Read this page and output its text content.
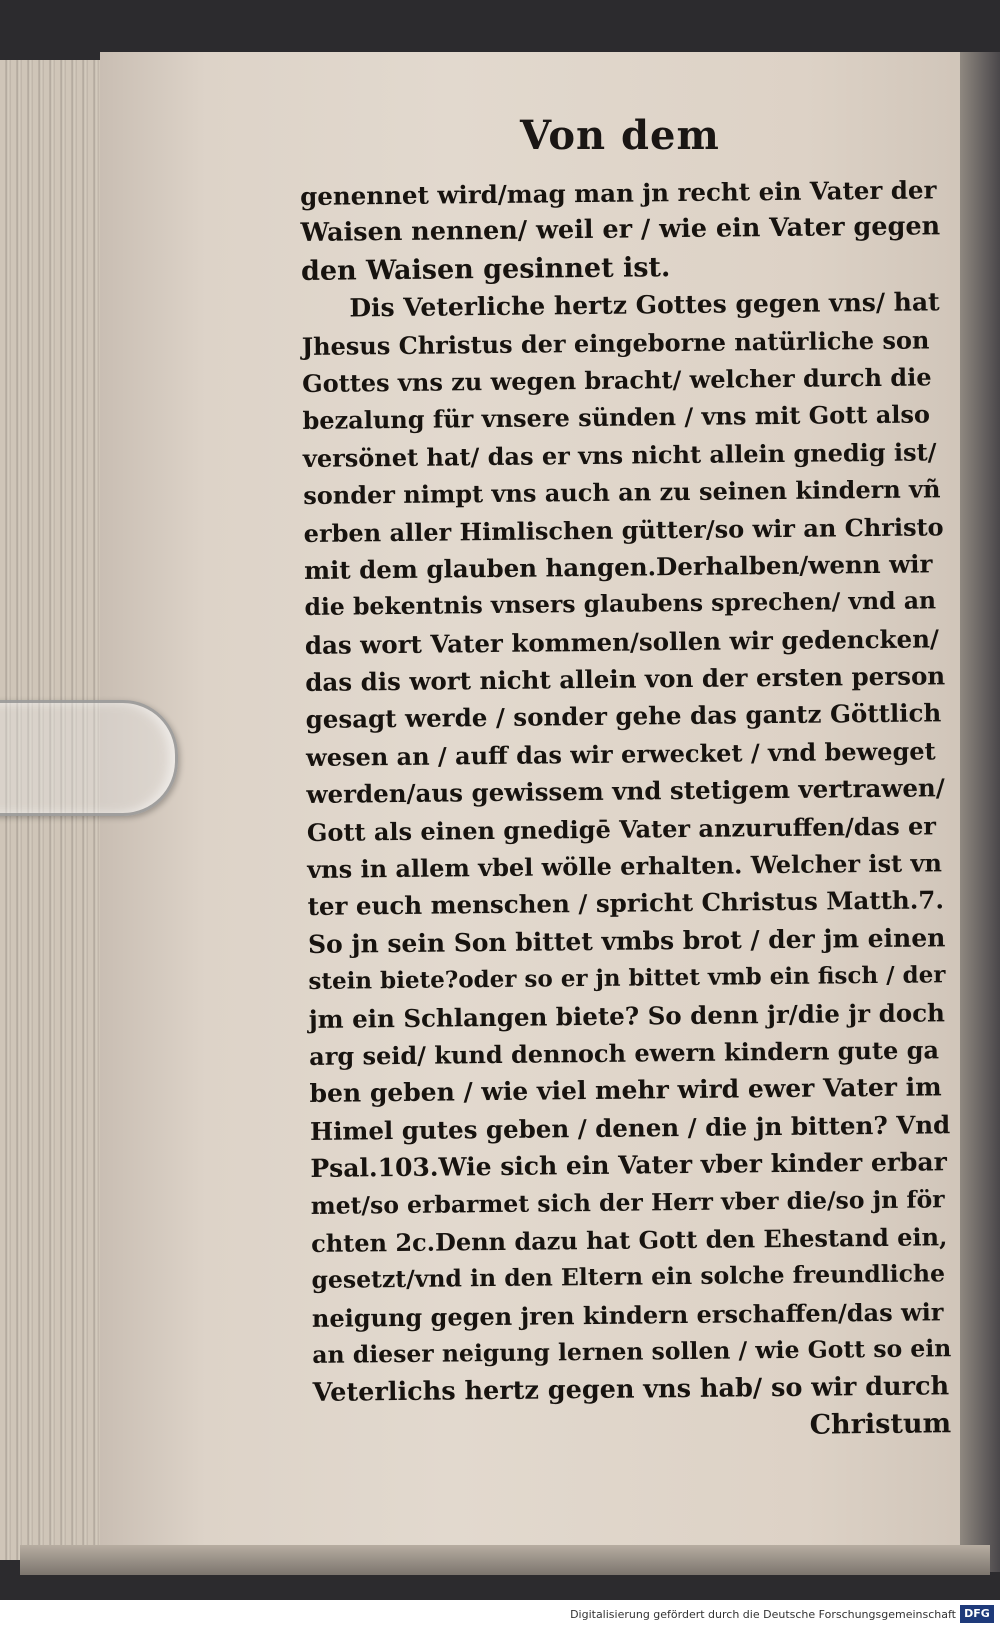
Von dem
genennet wird/mag man jn recht ein Vater der
Waisen nennen/ weil er / wie ein Vater gegen
den Waisen gesinnet ist.
Dis Veterliche hertz Gottes gegen vns/ hat
Jhesus Christus der eingeborne natürliche son
Gottes vns zu wegen bracht/ welcher durch die
bezalung für vnsere sünden / vns mit Gott also
versönet hat/ das er vns nicht allein gnedig ist/
sonder nimpt vns auch an zu seinen kindern vñ
erben aller Himlischen gütter/so wir an Christo
mit dem glauben hangen.Derhalben/wenn wir
die bekentnis vnsers glaubens sprechen/ vnd an
das wort Vater kommen/sollen wir gedencken/
das dis wort nicht allein von der ersten person
gesagt werde / sonder gehe das gantz Göttlich
wesen an / auff das wir erwecket / vnd beweget
werden/aus gewissem vnd stetigem vertrawen/
Gott als einen gnedigē Vater anzuruffen/das er
vns in allem vbel wölle erhalten. Welcher ist vn
ter euch menschen / spricht Christus Matth.7.
So jn sein Son bittet vmbs brot / der jm einen
stein biete?oder so er jn bittet vmb ein fisch / der
jm ein Schlangen biete? So denn jr/die jr doch
arg seid/ kund dennoch ewern kindern gute ga
ben geben / wie viel mehr wird ewer Vater im
Himel gutes geben / denen / die jn bitten? Vnd
Psal.103.Wie sich ein Vater vber kinder erbar
met/so erbarmet sich der Herr vber die/so jn för
chten 2c.Denn dazu hat Gott den Ehestand ein,
gesetzt/vnd in den Eltern ein solche freundliche
neigung gegen jren kindern erschaffen/das wir
an dieser neigung lernen sollen / wie Gott so ein
Veterlichs hertz gegen vns hab/ so wir durch
Christum
Digitalisierung gefördert durch die Deutsche Forschungsgemeinschaft DFG
